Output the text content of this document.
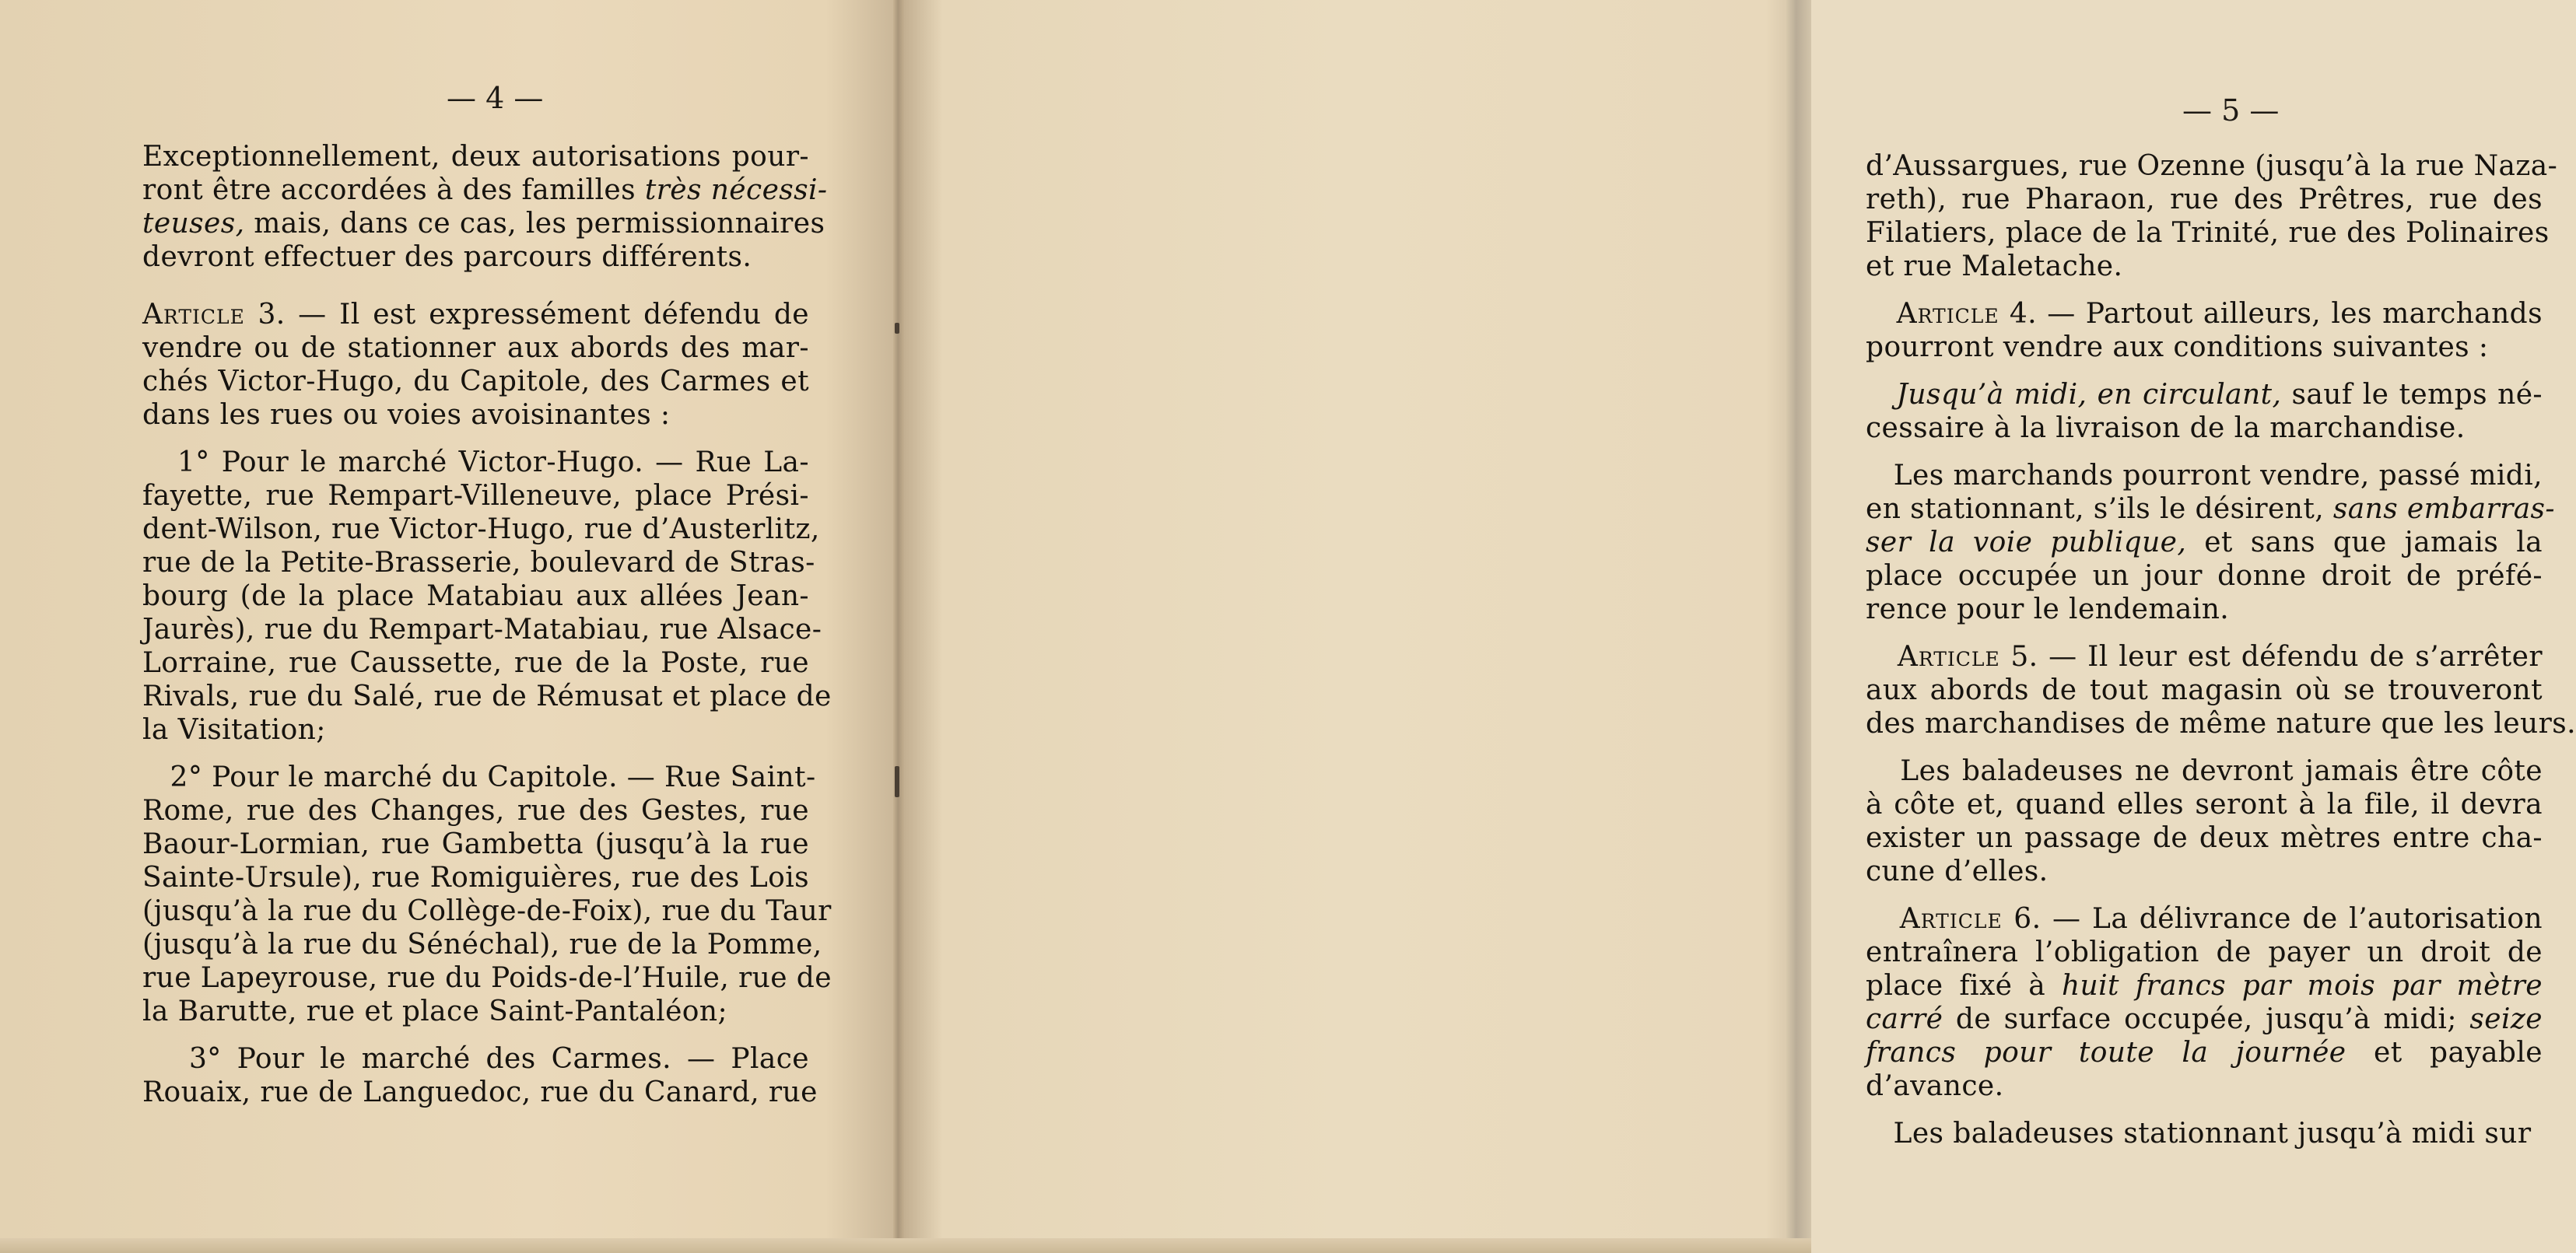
— 4 —
Exceptionnellement, deux autorisations pour-
ront être accordées à des familles très nécessi-
teuses, mais, dans ce cas, les permissionnaires
devront effectuer des parcours différents.
Article 3. — Il est expressément défendu de
vendre ou de stationner aux abords des mar-
chés Victor-Hugo, du Capitole, des Carmes et
dans les rues ou voies avoisinantes :
1° Pour le marché Victor-Hugo. — Rue La-
fayette, rue Rempart-Villeneuve, place Prési-
dent-Wilson, rue Victor-Hugo, rue d’Austerlitz,
rue de la Petite-Brasserie, boulevard de Stras-
bourg (de la place Matabiau aux allées Jean-
Jaurès), rue du Rempart-Matabiau, rue Alsace-
Lorraine, rue Caussette, rue de la Poste, rue
Rivals, rue du Salé, rue de Rémusat et place de
la Visitation;
2° Pour le marché du Capitole. — Rue Saint-
Rome, rue des Changes, rue des Gestes, rue
Baour-Lormian, rue Gambetta (jusqu’à la rue
Sainte-Ursule), rue Romiguières, rue des Lois
(jusqu’à la rue du Collège-de-Foix), rue du Taur
(jusqu’à la rue du Sénéchal), rue de la Pomme,
rue Lapeyrouse, rue du Poids-de-l’Huile, rue de
la Barutte, rue et place Saint-Pantaléon;
3° Pour le marché des Carmes. — Place
Rouaix, rue de Languedoc, rue du Canard, rue
— 5 —
d’Aussargues, rue Ozenne (jusqu’à la rue Naza-
reth), rue Pharaon, rue des Prêtres, rue des
Filatiers, place de la Trinité, rue des Polinaires
et rue Maletache.
Article 4. — Partout ailleurs, les marchands
pourront vendre aux conditions suivantes :
Jusqu’à midi, en circulant, sauf le temps né-
cessaire à la livraison de la marchandise.
Les marchands pourront vendre, passé midi,
en stationnant, s’ils le désirent, sans embarras-
ser la voie publique, et sans que jamais la
place occupée un jour donne droit de préfé-
rence pour le lendemain.
Article 5. — Il leur est défendu de s’arrêter
aux abords de tout magasin où se trouveront
des marchandises de même nature que les leurs.
Les baladeuses ne devront jamais être côte
à côte et, quand elles seront à la file, il devra
exister un passage de deux mètres entre cha-
cune d’elles.
Article 6. — La délivrance de l’autorisation
entraînera l’obligation de payer un droit de
place fixé à huit francs par mois par mètre
carré de surface occupée, jusqu’à midi; seize
francs pour toute la journée et payable
d’avance.
Les baladeuses stationnant jusqu’à midi sur
